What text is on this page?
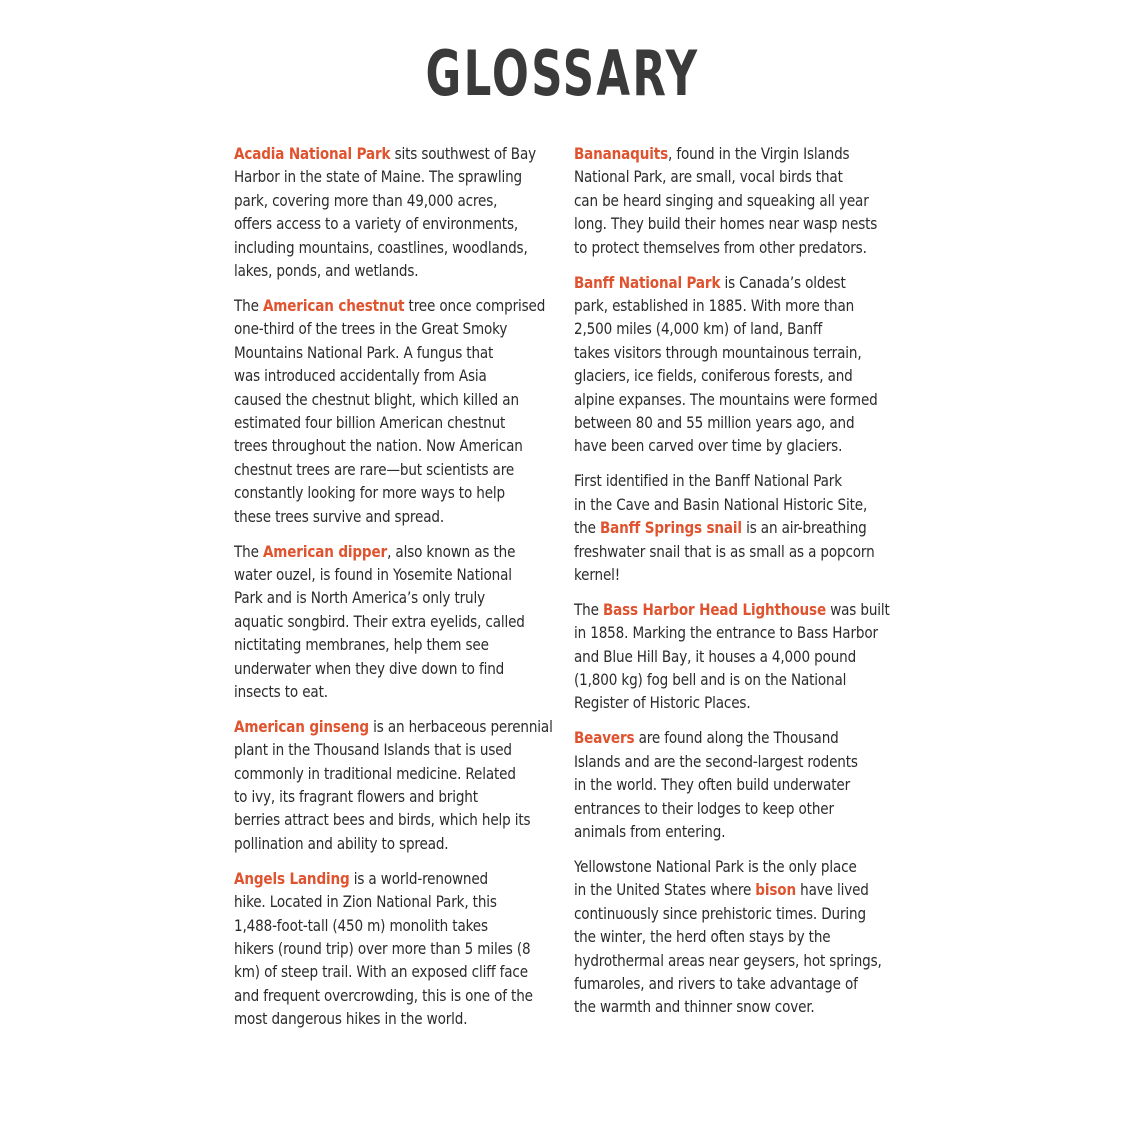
GLOSSARY
Acadia National Park sits southwest of Bay
Harbor in the state of Maine. The sprawling
park, covering more than 49,000 acres,
offers access to a variety of environments,
including mountains, coastlines, woodlands,
lakes, ponds, and wetlands.
The American chestnut tree once comprised
one-third of the trees in the Great Smoky
Mountains National Park. A fungus that
was introduced accidentally from Asia
caused the chestnut blight, which killed an
estimated four billion American chestnut
trees throughout the nation. Now American
chestnut trees are rare—but scientists are
constantly looking for more ways to help
these trees survive and spread.
The American dipper, also known as the
water ouzel, is found in Yosemite National
Park and is North America’s only truly
aquatic songbird. Their extra eyelids, called
nictitating membranes, help them see
underwater when they dive down to find
insects to eat.
American ginseng is an herbaceous perennial
plant in the Thousand Islands that is used
commonly in traditional medicine. Related
to ivy, its fragrant flowers and bright
berries attract bees and birds, which help its
pollination and ability to spread.
Angels Landing is a world-renowned
hike. Located in Zion National Park, this
1,488-foot-tall (450 m) monolith takes
hikers (round trip) over more than 5 miles (8
km) of steep trail. With an exposed cliff face
and frequent overcrowding, this is one of the
most dangerous hikes in the world.
Bananaquits, found in the Virgin Islands
National Park, are small, vocal birds that
can be heard singing and squeaking all year
long. They build their homes near wasp nests
to protect themselves from other predators.
Banff National Park is Canada’s oldest
park, established in 1885. With more than
2,500 miles (4,000 km) of land, Banff
takes visitors through mountainous terrain,
glaciers, ice fields, coniferous forests, and
alpine expanses. The mountains were formed
between 80 and 55 million years ago, and
have been carved over time by glaciers.
First identified in the Banff National Park
in the Cave and Basin National Historic Site,
the Banff Springs snail is an air-breathing
freshwater snail that is as small as a popcorn
kernel!
The Bass Harbor Head Lighthouse was built
in 1858. Marking the entrance to Bass Harbor
and Blue Hill Bay, it houses a 4,000 pound
(1,800 kg) fog bell and is on the National
Register of Historic Places.
Beavers are found along the Thousand
Islands and are the second-largest rodents
in the world. They often build underwater
entrances to their lodges to keep other
animals from entering.
Yellowstone National Park is the only place
in the United States where bison have lived
continuously since prehistoric times. During
the winter, the herd often stays by the
hydrothermal areas near geysers, hot springs,
fumaroles, and rivers to take advantage of
the warmth and thinner snow cover.
